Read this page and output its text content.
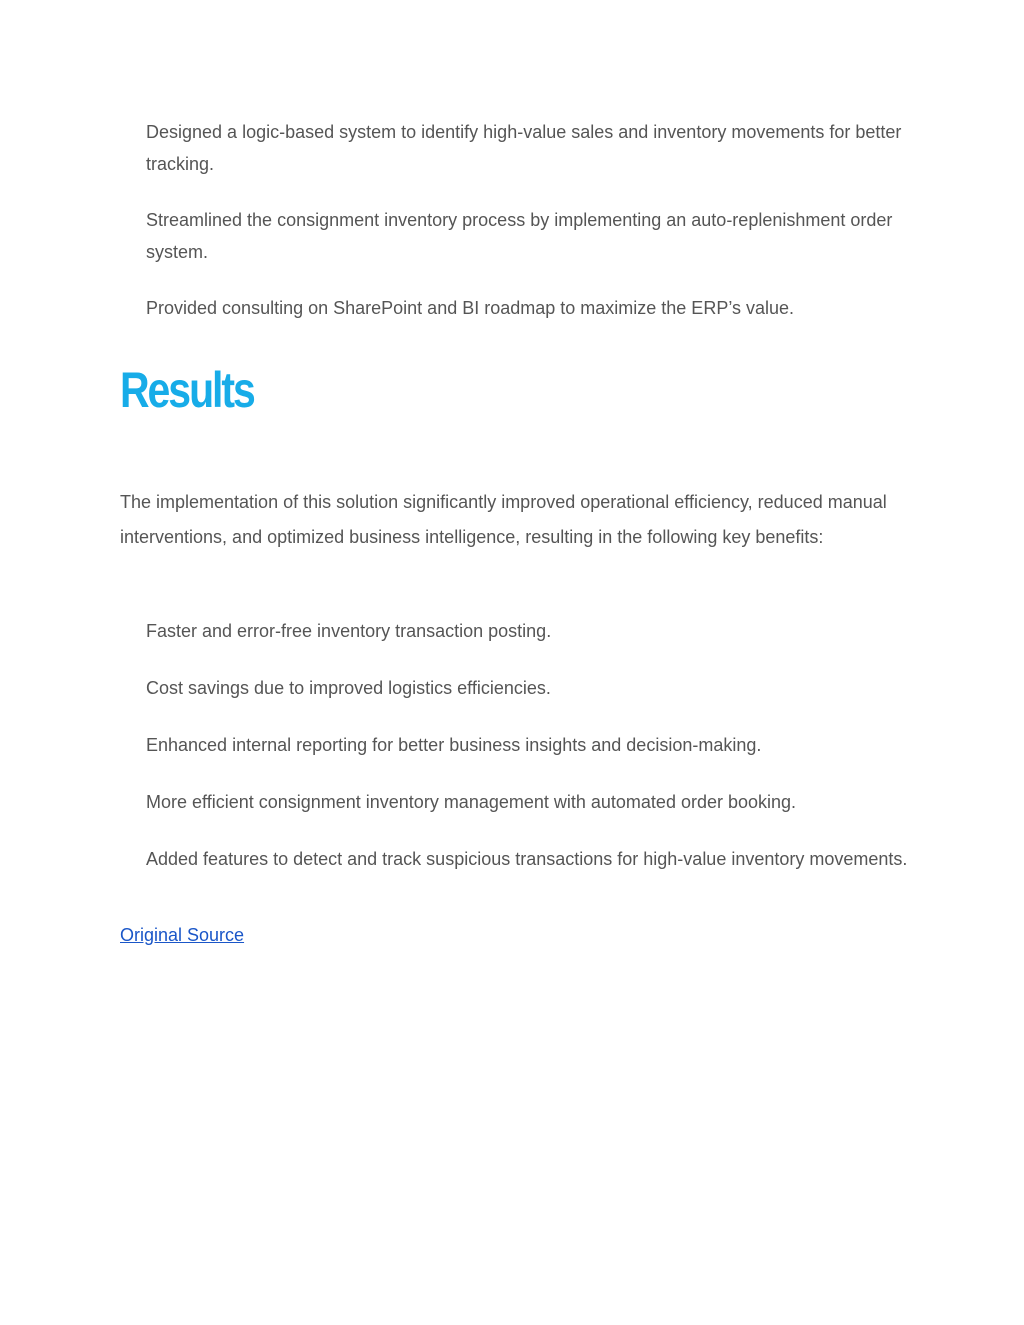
Designed a logic-based system to identify high-value sales and inventory movements for better tracking.

Streamlined the consignment inventory process by implementing an auto-replenishment order system.

Provided consulting on SharePoint and BI roadmap to maximize the ERP’s value.

Results

The implementation of this solution significantly improved operational efficiency, reduced manual interventions, and optimized business intelligence, resulting in the following key benefits:

Faster and error-free inventory transaction posting.

Cost savings due to improved logistics efficiencies.

Enhanced internal reporting for better business insights and decision-making.

More efficient consignment inventory management with automated order booking.

Added features to detect and track suspicious transactions for high-value inventory movements.

Original Source
